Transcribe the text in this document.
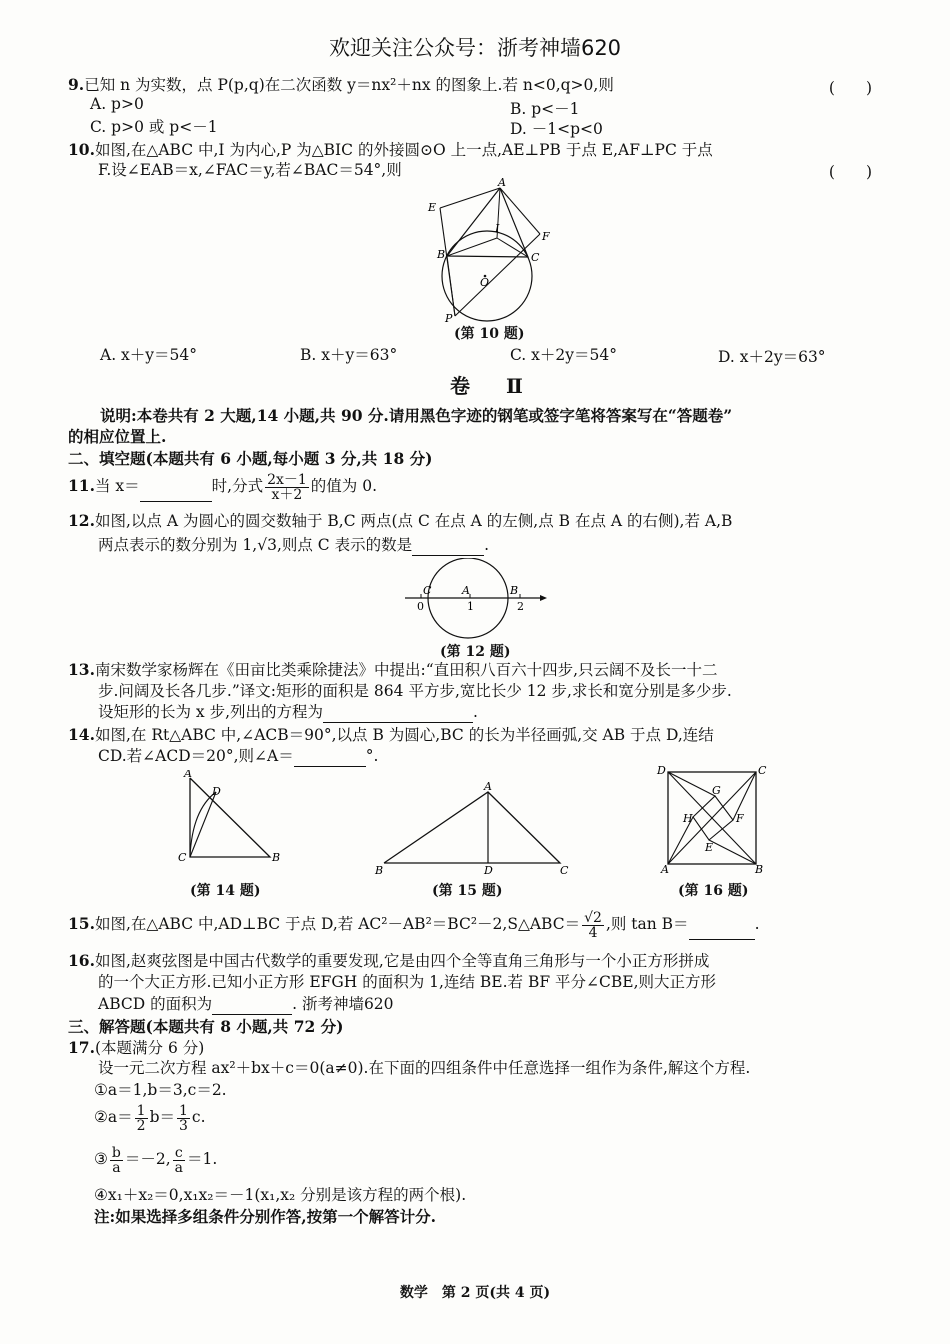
欢迎关注公众号：浙考神墙620
9.已知 n 为实数，点 P(p,q)在二次函数 y＝nx²＋nx 的图象上.若 n<0,q>0,则	(　　)
A. p>0	B. p<－1
C. p>0 或 p<－1	D. －1<p<0
10.如图,在△ABC 中,I 为内心,P 为△BIC 的外接圆⊙O 上一点,AE⊥PB 于点 E,AF⊥PC 于点
F.设∠EAB＝x,∠FAC＝y,若∠BAC＝54°,则	(　　)
A
E
I
F
B	C
O
P
(第 10 题)
A. x＋y＝54°	B. x＋y＝63°	C. x＋2y＝54°	D. x＋2y＝63°
卷　Ⅱ
说明:本卷共有 2 大题,14 小题,共 90 分.请用黑色字迹的钢笔或签字笔将答案写在“答题卷”
的相应位置上.
二、填空题(本题共有 6 小题,每小题 3 分,共 18 分)
11.当 x＝	时,分式 $\frac{2x-1}{x+2}$ 的值为 0.
12.如图,以点 A 为圆心的圆交数轴于 B,C 两点(点 C 在点 A 的左侧,点 B 在点 A 的右侧),若 A,B
两点表示的数分别为 1,√3,则点 C 表示的数是	.
C	A	B
0	1	2
(第 12 题)
13.南宋数学家杨辉在《田亩比类乘除捷法》中提出:“直田积八百六十四步,只云阔不及长一十二
步.问阔及长各几步.”译文:矩形的面积是 864 平方步,宽比长少 12 步,求长和宽分别是多少步.
设矩形的长为 x 步,列出的方程为	.
14.如图,在 Rt△ABC 中,∠ACB＝90°,以点 B 为圆心,BC 的长为半径画弧,交 AB 于点 D,连结
CD.若∠ACD＝20°,则∠A＝	°.
A
D
C	B
(第 14 题)
A
B	D	C
(第 15 题)
D	C
G
H	F
E
A	B
(第 16 题)
15.如图,在△ABC 中,AD⊥BC 于点 D,若 AC²－AB²＝BC²－2,S△ABC＝ $\frac{√2}{4}$ ,则 tan B＝	.
16.如图,赵爽弦图是中国古代数学的重要发现,它是由四个全等直角三角形与一个小正方形拼成
的一个大正方形.已知小正方形 EFGH 的面积为 1,连结 BE.若 BF 平分∠CBE,则大正方形
ABCD 的面积为	. 浙考神墙620
三、解答题(本题共有 8 小题,共 72 分)
17.(本题满分 6 分)
设一元二次方程 ax²＋bx＋c＝0(a≠0).在下面的四组条件中任意选择一组作为条件,解这个方程.
①a＝1,b＝3,c＝2.
②a＝ $\frac{1}{2} b= \frac{1}{3} c$.
③ $\frac{b}{a} =-2$, $\frac{c}{a} =1$.
④x₁＋x₂＝0,x₁x₂＝－1(x₁,x₂ 分别是该方程的两个根).
注:如果选择多组条件分别作答,按第一个解答计分.
数学　第 2 页(共 4 页)
